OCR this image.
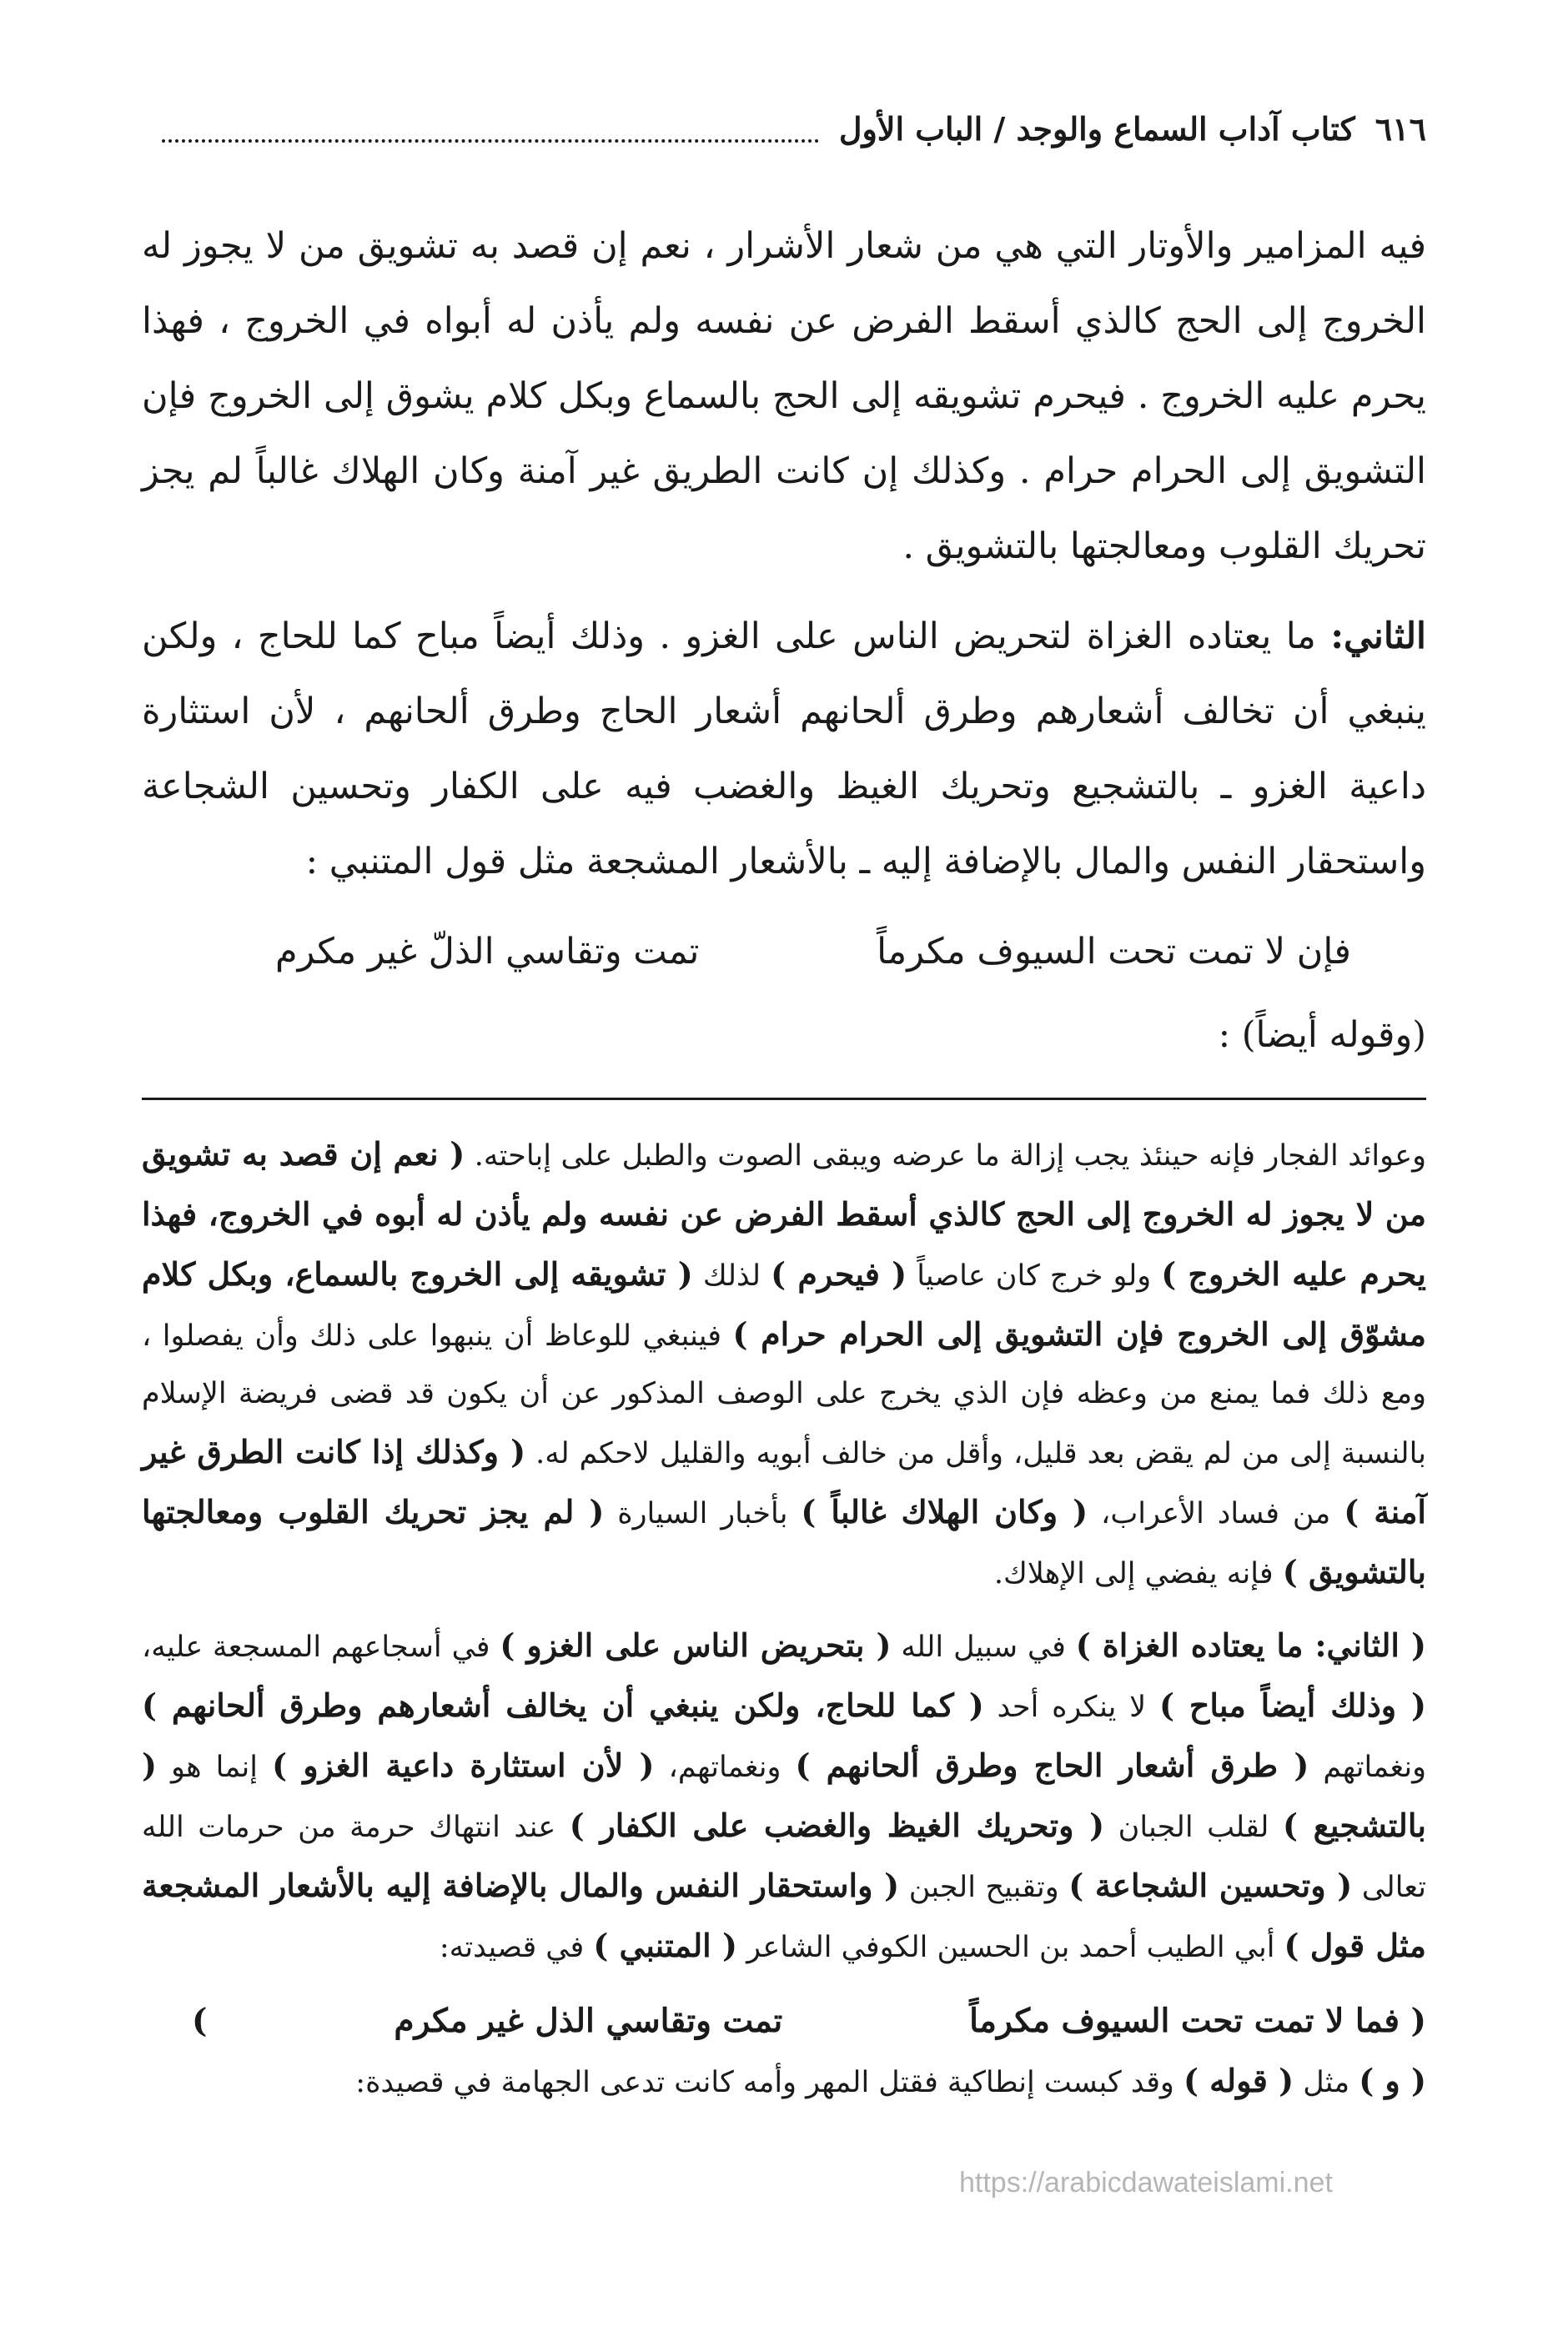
٦١٦
كتاب آداب السماع والوجد / الباب الأول

فيه المزامير والأوتار التي هي من شعار الأشرار ، نعم إن قصد به تشويق من لا يجوز له الخروج إلى الحج كالذي أسقط الفرض عن نفسه ولم يأذن له أبواه في الخروج ، فهذا يحرم عليه الخروج . فيحرم تشويقه إلى الحج بالسماع وبكل كلام يشوق إلى الخروج فإن التشويق إلى الحرام حرام . وكذلك إن كانت الطريق غير آمنة وكان الهلاك غالباً لم يجز تحريك القلوب ومعالجتها بالتشويق .

الثاني: ما يعتاده الغزاة لتحريض الناس على الغزو . وذلك أيضاً مباح كما للحاج ، ولكن ينبغي أن تخالف أشعارهم وطرق ألحانهم أشعار الحاج وطرق ألحانهم ، لأن استثارة داعية الغزو ـ بالتشجيع وتحريك الغيظ والغضب فيه على الكفار وتحسين الشجاعة واستحقار النفس والمال بالإضافة إليه ـ بالأشعار المشجعة مثل قول المتنبي :

فإن لا تمت تحت السيوف مكرماً
تمت وتقاسي الذلّ غير مكرم

(وقوله أيضاً) :

وعوائد الفجار فإنه حينئذ يجب إزالة ما عرضه ويبقى الصوت والطبل على إباحته. ( نعم إن قصد به تشويق من لا يجوز له الخروج إلى الحج كالذي أسقط الفرض عن نفسه ولم يأذن له أبوه في الخروج، فهذا يحرم عليه الخروج ) ولو خرج كان عاصياً ( فيحرم ) لذلك ( تشويقه إلى الخروج بالسماع، وبكل كلام مشوّق إلى الخروج فإن التشويق إلى الحرام حرام ) فينبغي للوعاظ أن ينبهوا على ذلك وأن يفصلوا ، ومع ذلك فما يمنع من وعظه فإن الذي يخرج على الوصف المذكور عن أن يكون قد قضى فريضة الإسلام بالنسبة إلى من لم يقض بعد قليل، وأقل من خالف أبويه والقليل لاحكم له. ( وكذلك إذا كانت الطرق غير آمنة ) من فساد الأعراب، ( وكان الهلاك غالباً ) بأخبار السيارة ( لم يجز تحريك القلوب ومعالجتها بالتشويق ) فإنه يفضي إلى الإهلاك.

( الثاني: ما يعتاده الغزاة ) في سبيل الله ( بتحريض الناس على الغزو ) في أسجاعهم المسجعة عليه، ( وذلك أيضاً مباح ) لا ينكره أحد ( كما للحاج، ولكن ينبغي أن يخالف أشعارهم وطرق ألحانهم ) ونغماتهم ( طرق أشعار الحاج وطرق ألحانهم ) ونغماتهم، ( لأن استثارة داعية الغزو ) إنما هو ( بالتشجيع ) لقلب الجبان ( وتحريك الغيظ والغضب على الكفار ) عند انتهاك حرمة من حرمات الله تعالى ( وتحسين الشجاعة ) وتقبيح الجبن ( واستحقار النفس والمال بالإضافة إليه بالأشعار المشجعة مثل قول ) أبي الطيب أحمد بن الحسين الكوفي الشاعر ( المتنبي ) في قصيدته:

( فما لا تمت تحت السيوف مكرماً
تمت وتقاسي الذل غير مكرم
)

( و ) مثل ( قوله ) وقد كبست إنطاكية فقتل المهر وأمه كانت تدعى الجهامة في قصيدة:

https://arabicdawateislami.net
